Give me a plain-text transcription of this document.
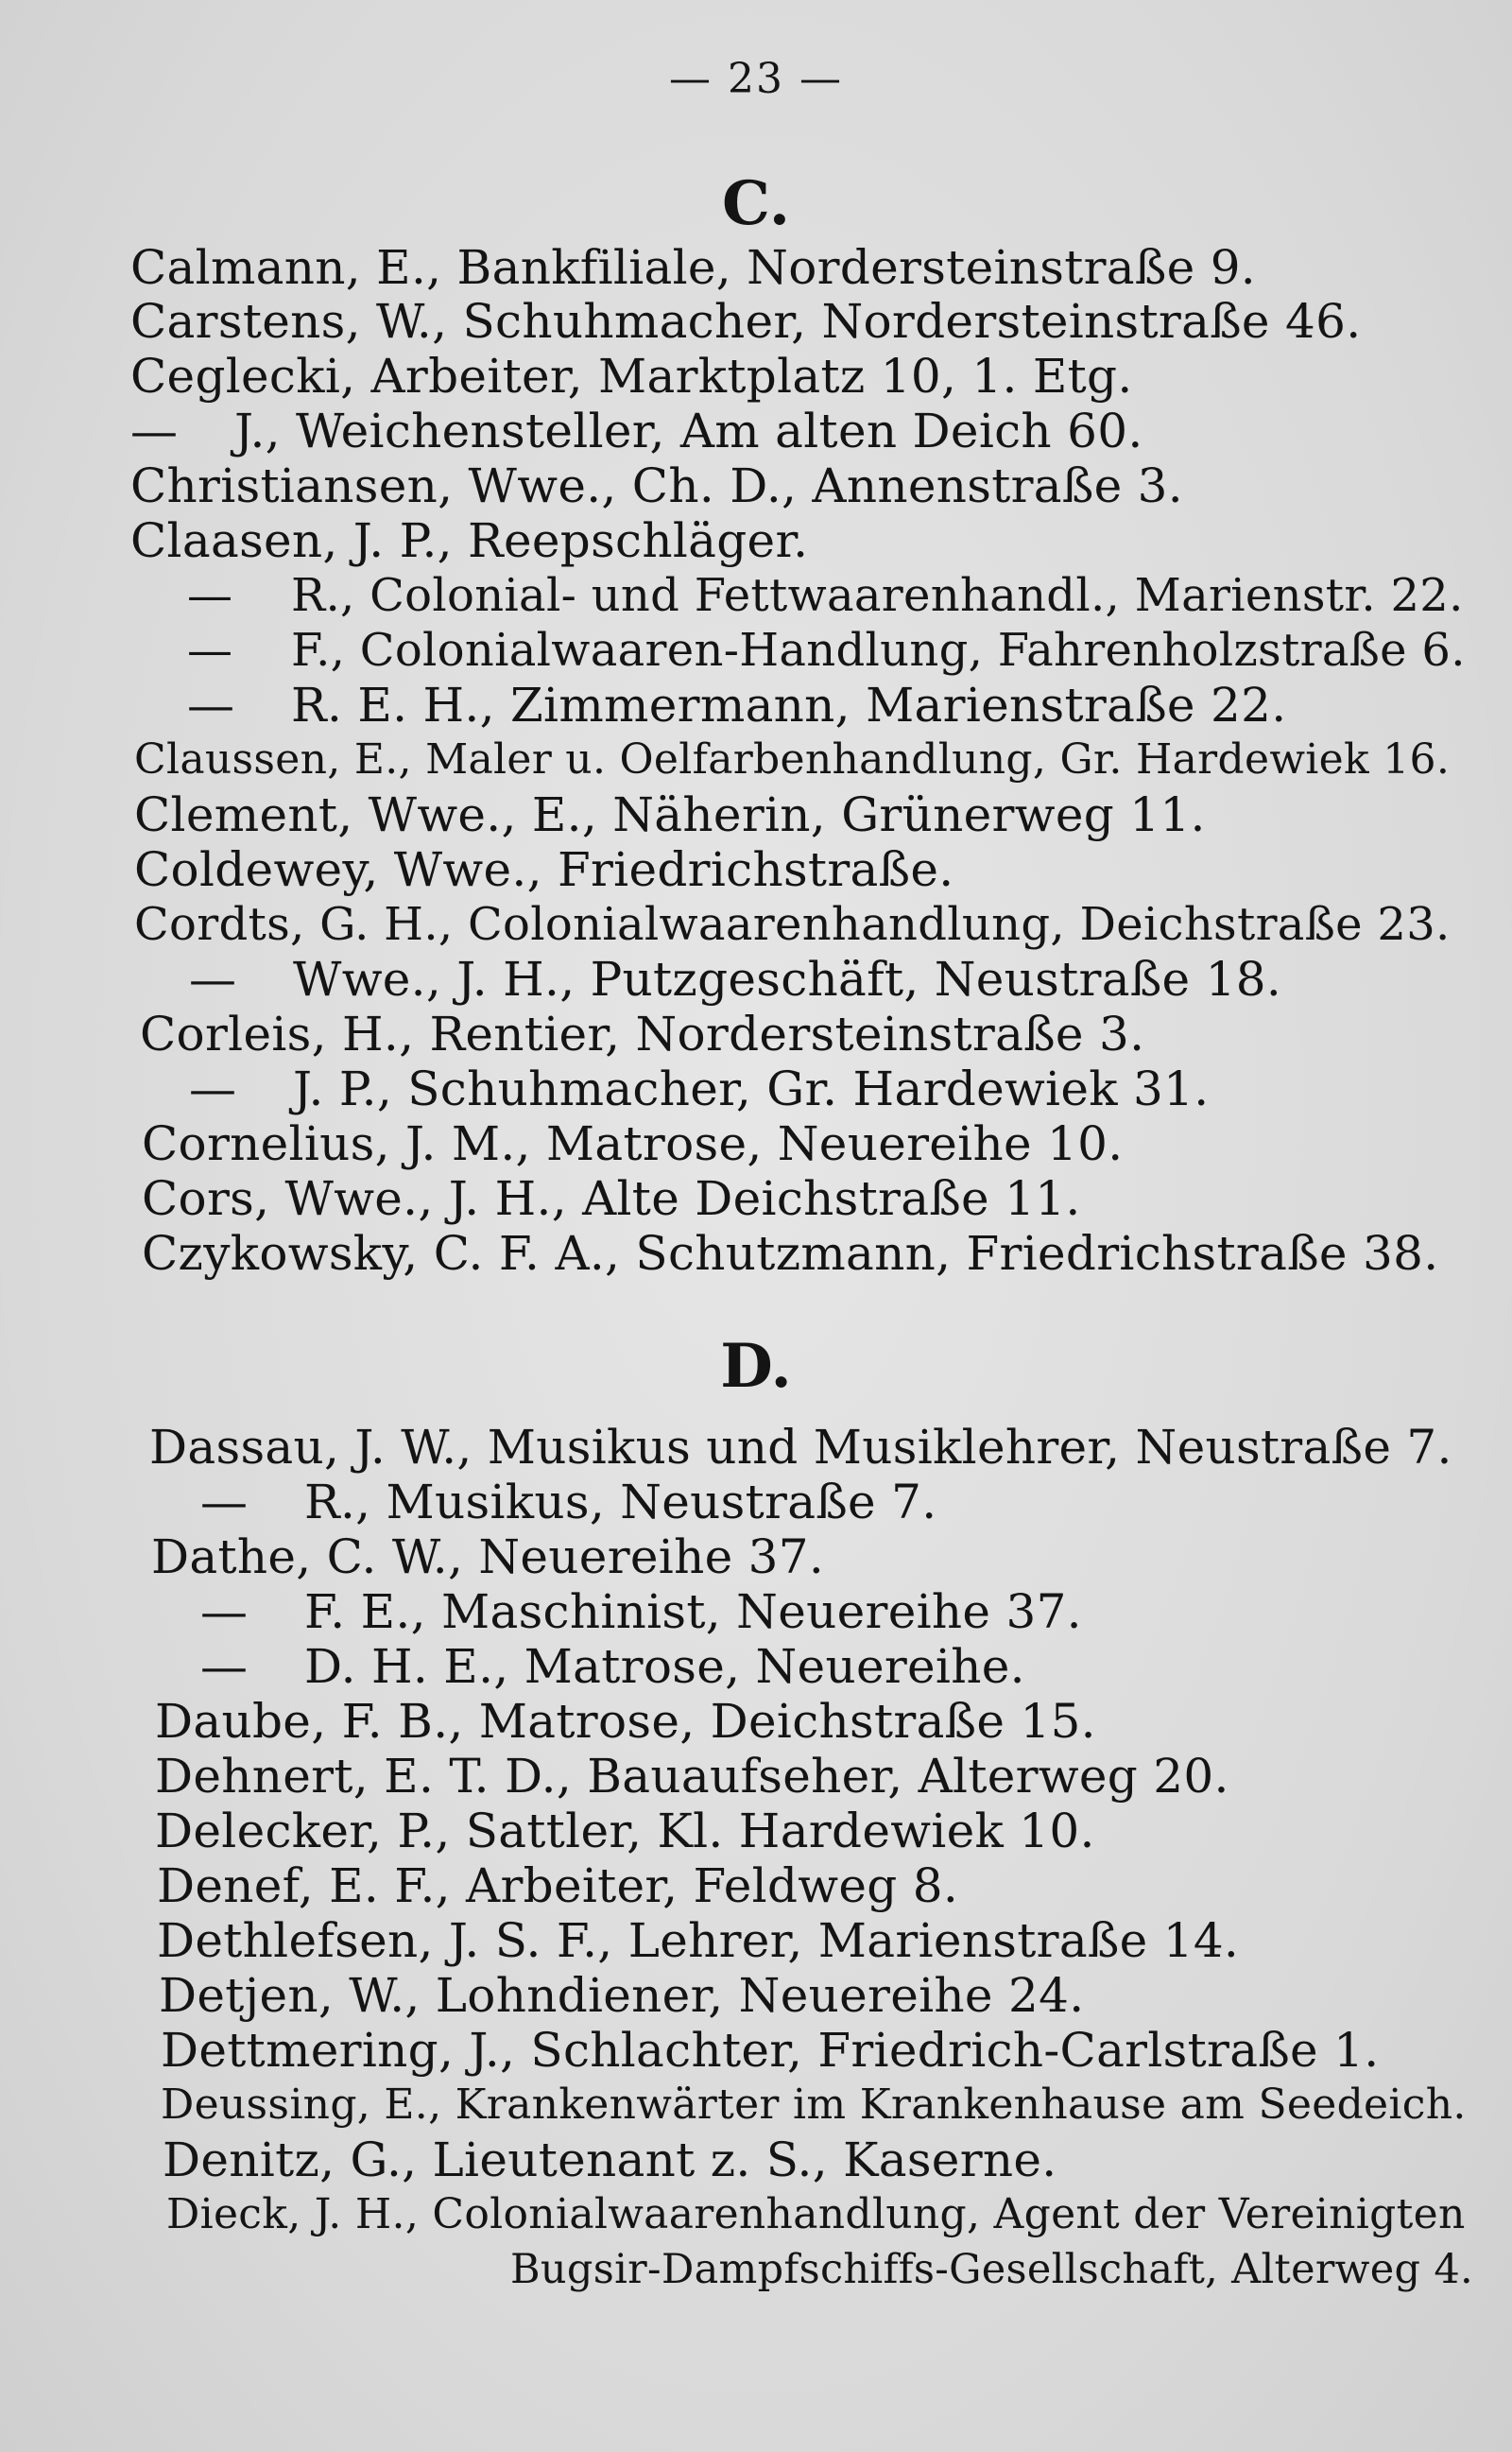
— 23 —
C.
Calmann, E., Bankfiliale, Nordersteinstraße 9.
Carstens, W., Schuhmacher, Nordersteinstraße 46.
Ceglecki, Arbeiter, Marktplatz 10, 1. Etg.
— J., Weichensteller, Am alten Deich 60.
Christiansen, Wwe., Ch. D., Annenstraße 3.
Claasen, J. P., Reepschläger.
— R., Colonial- und Fettwaarenhandl., Marienstr. 22.
— F., Colonialwaaren-Handlung, Fahrenholzstraße 6.
— R. E. H., Zimmermann, Marienstraße 22.
Claussen, E., Maler u. Oelfarbenhandlung, Gr. Hardewiek 16.
Clement, Wwe., E., Näherin, Grünerweg 11.
Coldewey, Wwe., Friedrichstraße.
Cordts, G. H., Colonialwaarenhandlung, Deichstraße 23.
— Wwe., J. H., Putzgeschäft, Neustraße 18.
Corleis, H., Rentier, Nordersteinstraße 3.
— J. P., Schuhmacher, Gr. Hardewiek 31.
Cornelius, J. M., Matrose, Neuereihe 10.
Cors, Wwe., J. H., Alte Deichstraße 11.
Czykowsky, C. F. A., Schutzmann, Friedrichstraße 38.
D.
Dassau, J. W., Musikus und Musiklehrer, Neustraße 7.
— R., Musikus, Neustraße 7.
Dathe, C. W., Neuereihe 37.
— F. E., Maschinist, Neuereihe 37.
— D. H. E., Matrose, Neuereihe.
Daube, F. B., Matrose, Deichstraße 15.
Dehnert, E. T. D., Bauaufseher, Alterweg 20.
Delecker, P., Sattler, Kl. Hardewiek 10.
Denef, E. F., Arbeiter, Feldweg 8.
Dethlefsen, J. S. F., Lehrer, Marienstraße 14.
Detjen, W., Lohndiener, Neuereihe 24.
Dettmering, J., Schlachter, Friedrich-Carlstraße 1.
Deussing, E., Krankenwärter im Krankenhause am Seedeich.
Denitz, G., Lieutenant z. S., Kaserne.
Dieck, J. H., Colonialwaarenhandlung, Agent der Vereinigten
Bugsir-Dampfschiffs-Gesellschaft, Alterweg 4.
